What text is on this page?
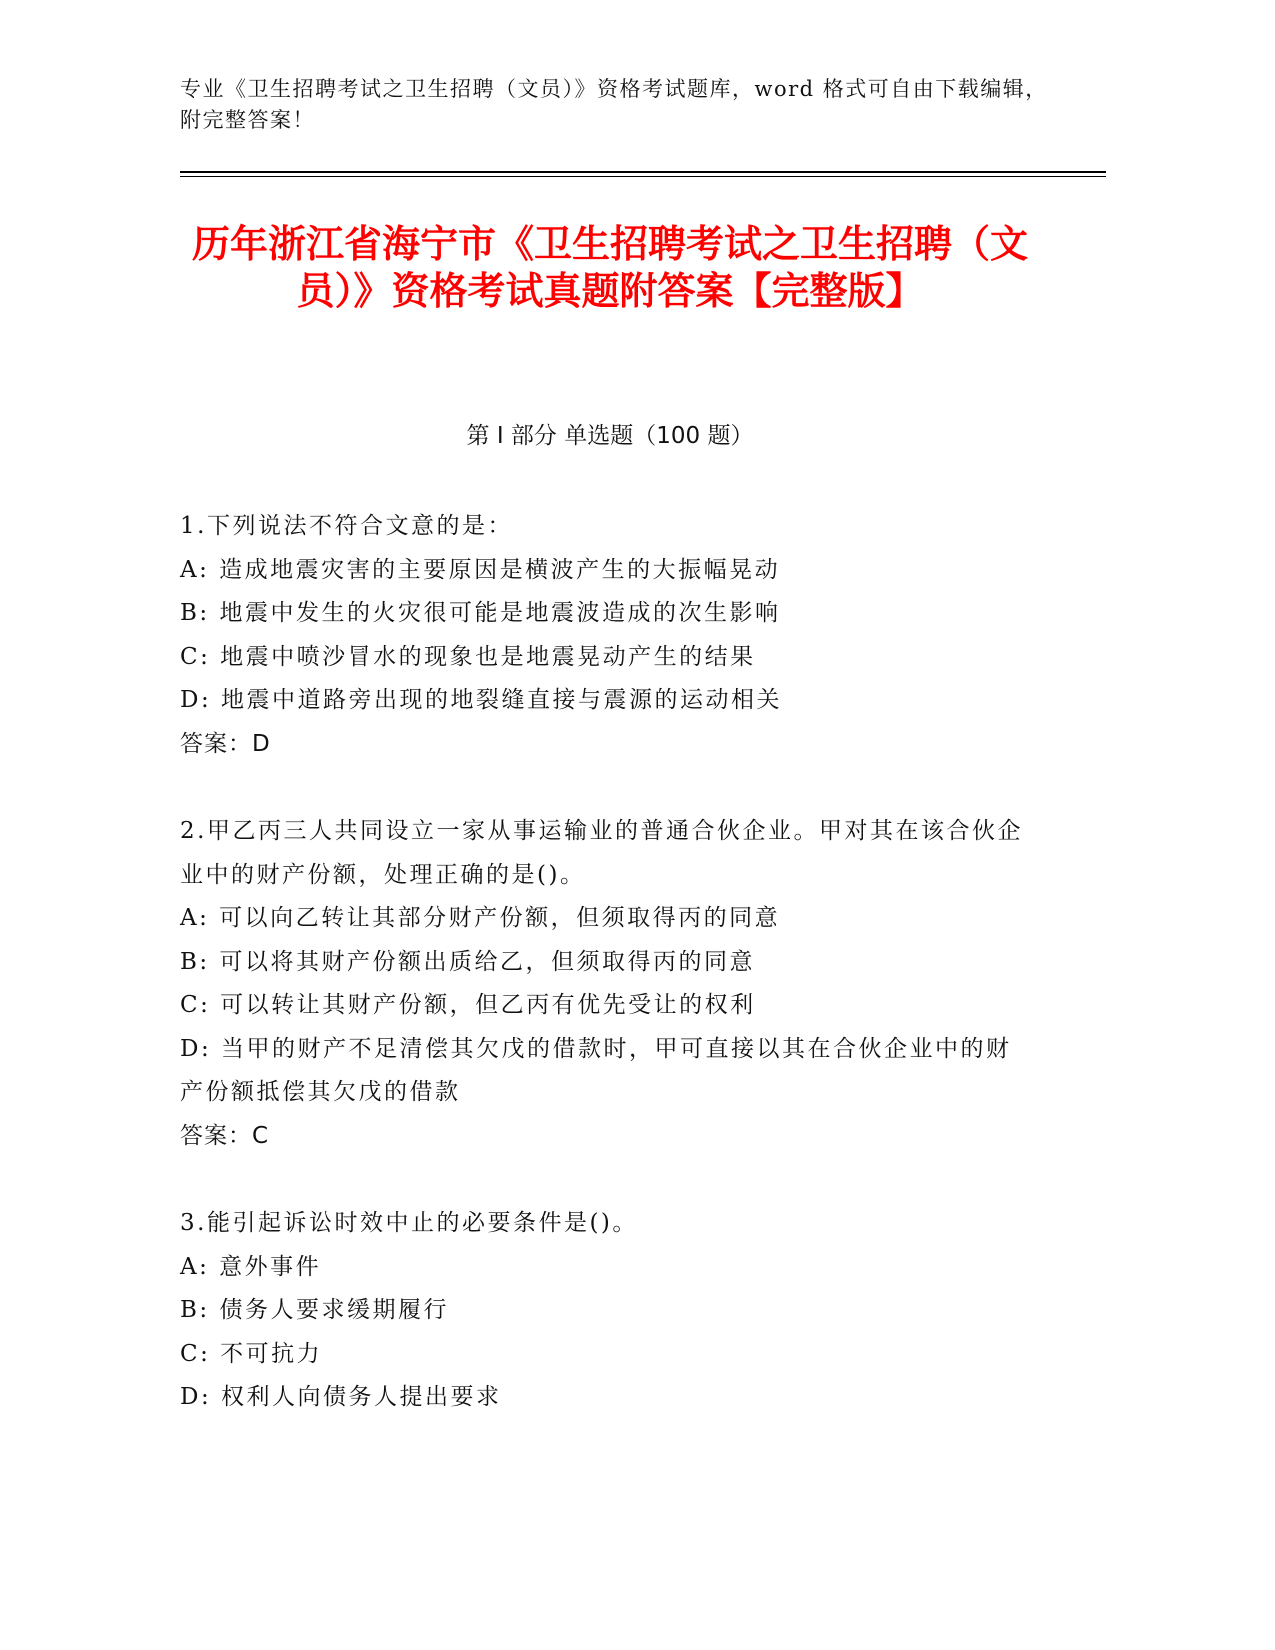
专业《卫生招聘考试之卫生招聘（文员）》资格考试题库，word 格式可自由下载编辑，附完整答案！
历年浙江省海宁市《卫生招聘考试之卫生招聘（文员）》资格考试真题附答案【完整版】
第 I 部分 单选题（100 题）
1.下列说法不符合文意的是：
A: 造成地震灾害的主要原因是横波产生的大振幅晃动
B: 地震中发生的火灾很可能是地震波造成的次生影响
C: 地震中喷沙冒水的现象也是地震晃动产生的结果
D: 地震中道路旁出现的地裂缝直接与震源的运动相关
答案：D
2.甲乙丙三人共同设立一家从事运输业的普通合伙企业。甲对其在该合伙企业中的财产份额，处理正确的是()。
A: 可以向乙转让其部分财产份额，但须取得丙的同意
B: 可以将其财产份额出质给乙，但须取得丙的同意
C: 可以转让其财产份额，但乙丙有优先受让的权利
D: 当甲的财产不足清偿其欠戊的借款时，甲可直接以其在合伙企业中的财产份额抵偿其欠戊的借款
答案：C
3.能引起诉讼时效中止的必要条件是()。
A: 意外事件
B: 债务人要求缓期履行
C: 不可抗力
D: 权利人向债务人提出要求
